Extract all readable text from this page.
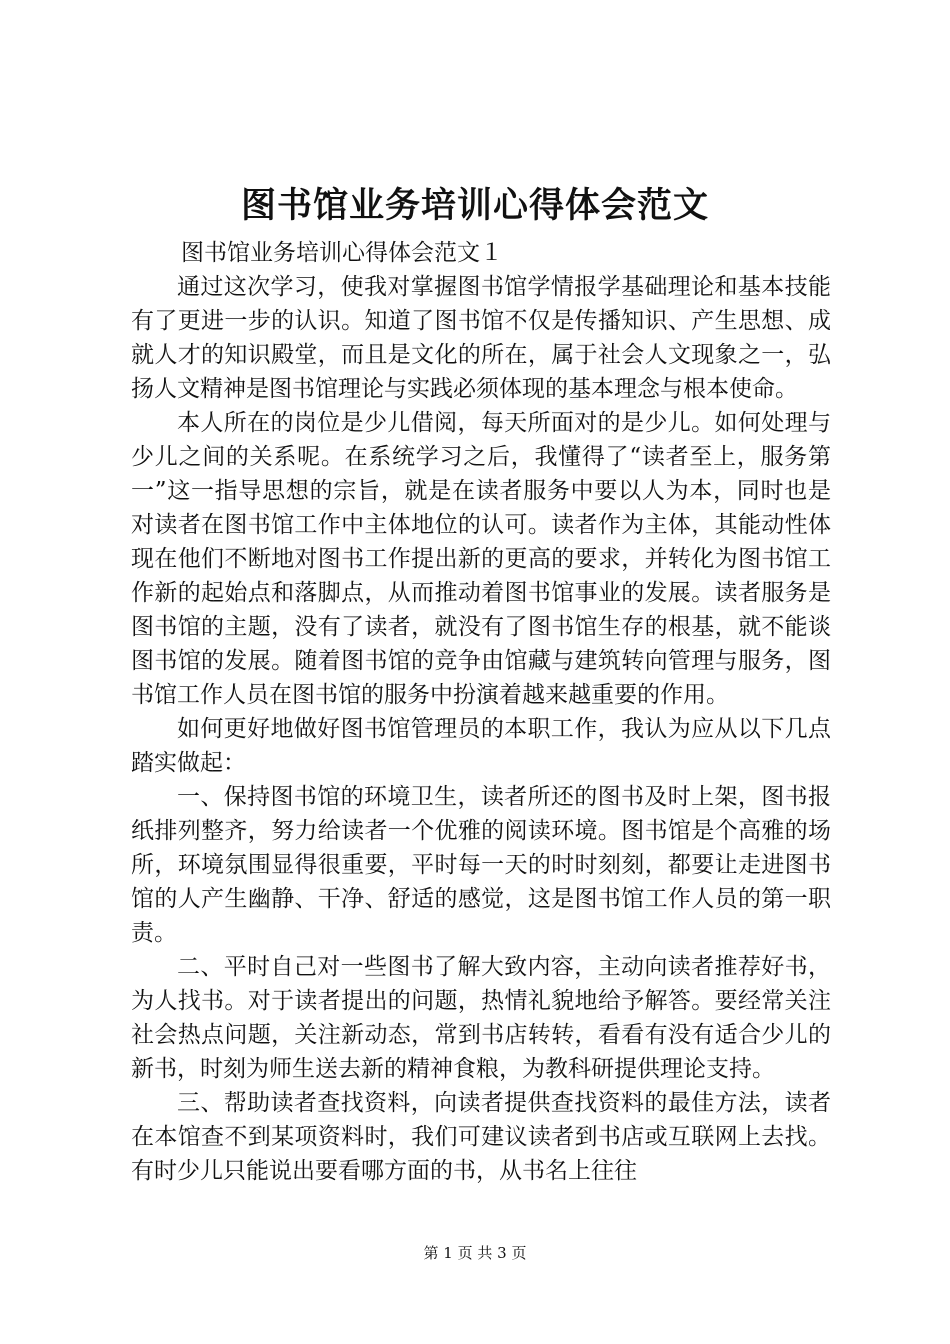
图书馆业务培训心得体会范文

图书馆业务培训心得体会范文１

通过这次学习，使我对掌握图书馆学情报学基础理论和基本技能有了更进一步的认识。知道了图书馆不仅是传播知识、产生思想、成就人才的知识殿堂，而且是文化的所在，属于社会人文现象之一，弘扬人文精神是图书馆理论与实践必须体现的基本理念与根本使命。

本人所在的岗位是少儿借阅，每天所面对的是少儿。如何处理与少儿之间的关系呢。在系统学习之后，我懂得了“读者至上，服务第一”这一指导思想的宗旨，就是在读者服务中要以人为本，同时也是对读者在图书馆工作中主体地位的认可。读者作为主体，其能动性体现在他们不断地对图书工作提出新的更高的要求，并转化为图书馆工作新的起始点和落脚点，从而推动着图书馆事业的发展。读者服务是图书馆的主题，没有了读者，就没有了图书馆生存的根基，就不能谈图书馆的发展。随着图书馆的竞争由馆藏与建筑转向管理与服务，图书馆工作人员在图书馆的服务中扮演着越来越重要的作用。

如何更好地做好图书馆管理员的本职工作，我认为应从以下几点踏实做起：

一、保持图书馆的环境卫生，读者所还的图书及时上架，图书报纸排列整齐，努力给读者一个优雅的阅读环境。图书馆是个高雅的场所，环境氛围显得很重要，平时每一天的时时刻刻，都要让走进图书馆的人产生幽静、干净、舒适的感觉，这是图书馆工作人员的第一职责。

二、平时自己对一些图书了解大致内容，主动向读者推荐好书，为人找书。对于读者提出的问题，热情礼貌地给予解答。要经常关注社会热点问题，关注新动态，常到书店转转，看看有没有适合少儿的新书，时刻为师生送去新的精神食粮，为教科研提供理论支持。

三、帮助读者查找资料，向读者提供查找资料的最佳方法，读者在本馆查不到某项资料时，我们可建议读者到书店或互联网上去找。有时少儿只能说出要看哪方面的书，从书名上往往

第 1 页 共 3 页
